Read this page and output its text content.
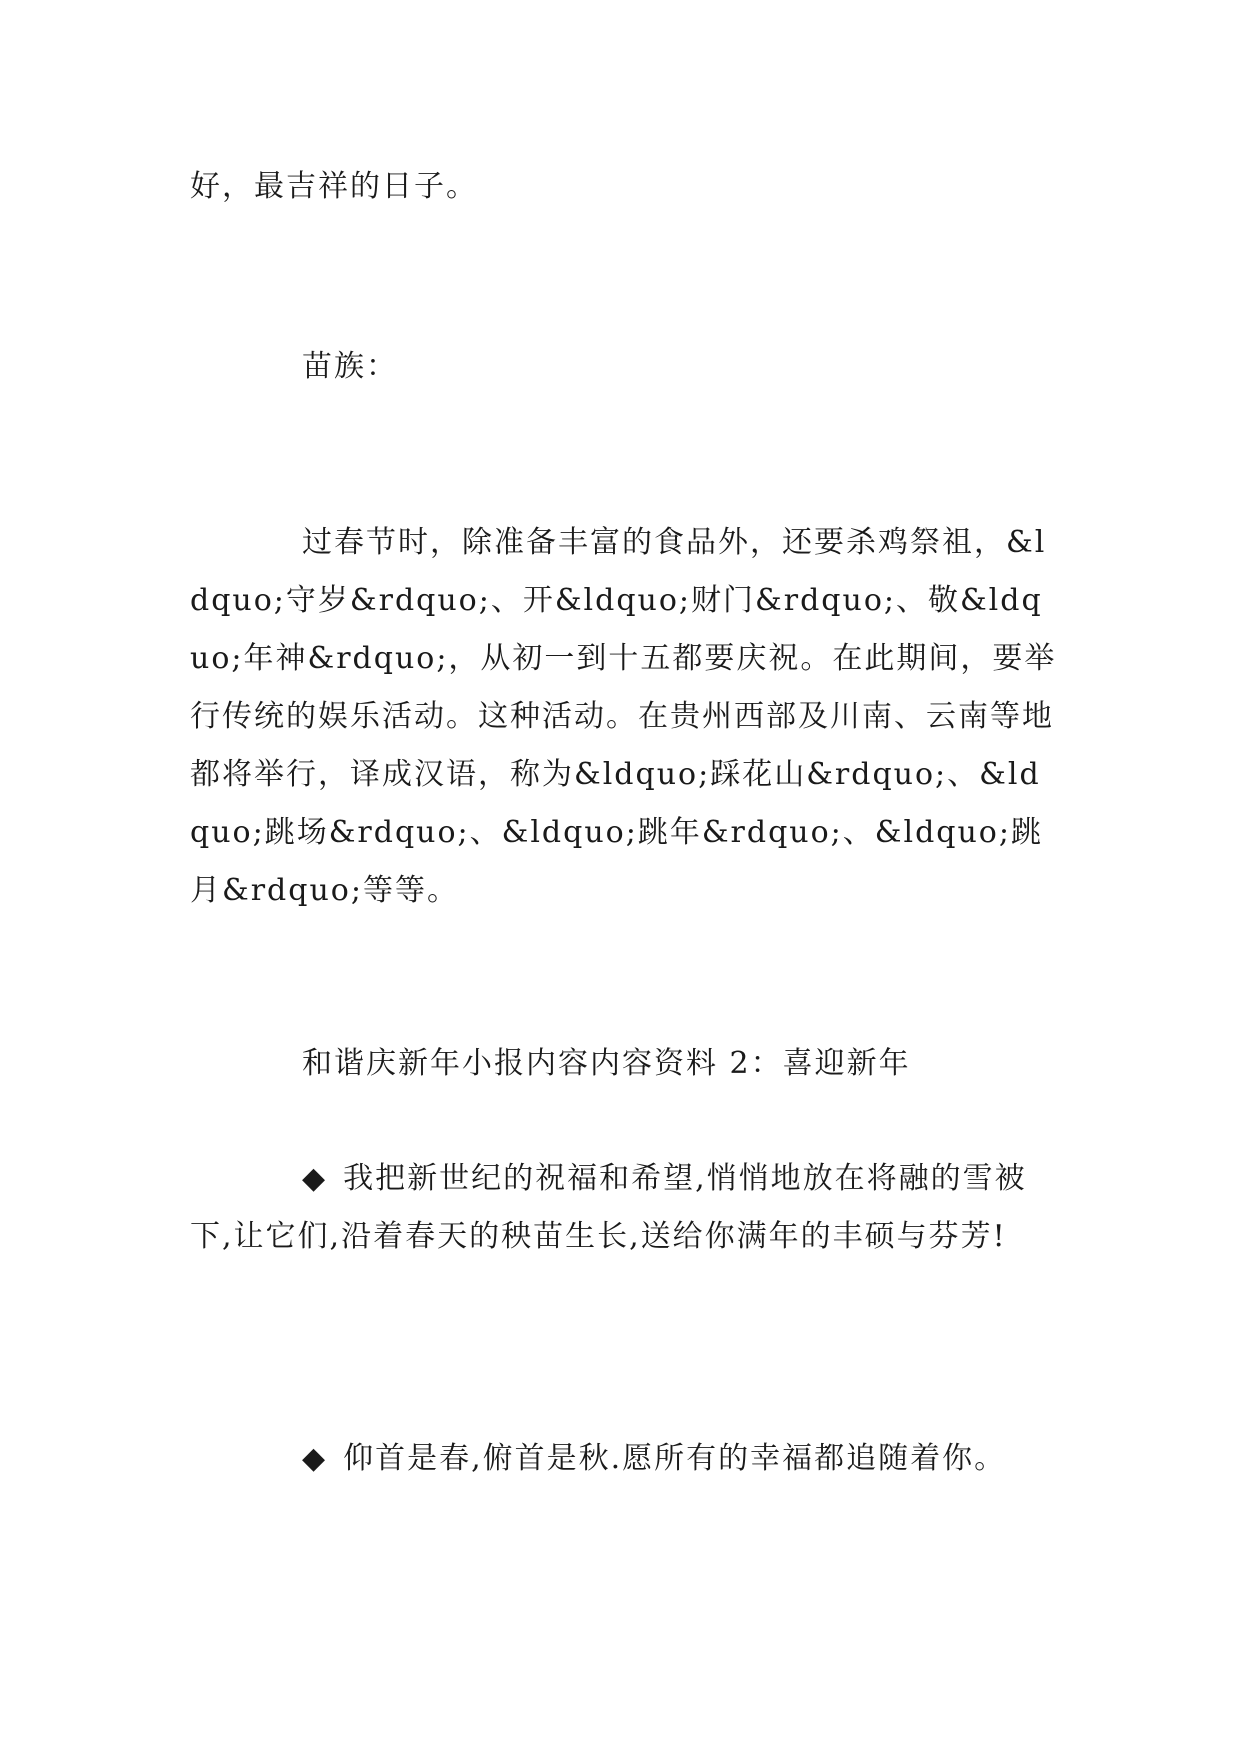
好，最吉祥的日子。

苗族：

过春节时，除准备丰富的食品外，还要杀鸡祭祖，&ldquo;守岁&rdquo;、开&ldquo;财门&rdquo;、敬&ldquo;年神&rdquo;，从初一到十五都要庆祝。在此期间，要举行传统的娱乐活动。这种活动。在贵州西部及川南、云南等地都将举行，译成汉语，称为&ldquo;踩花山&rdquo;、&ldquo;跳场&rdquo;、&ldquo;跳年&rdquo;、&ldquo;跳月&rdquo;等等。

和谐庆新年小报内容内容资料 2：喜迎新年

◆ 我把新世纪的祝福和希望,悄悄地放在将融的雪被下,让它们,沿着春天的秧苗生长,送给你满年的丰硕与芬芳!

◆ 仰首是春,俯首是秋.愿所有的幸福都追随着你。
